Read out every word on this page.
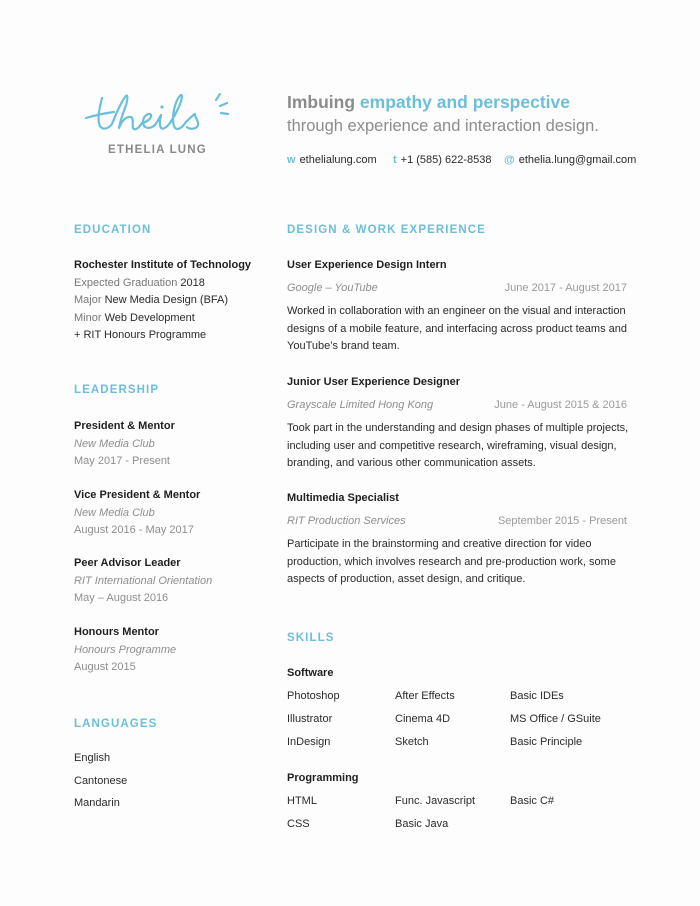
ETHELIA LUNG
Imbuing empathy and perspective
through experience and interaction design.
w ethelialung.com t +1 (585) 622-8538 @ ethelia.lung@gmail.com
EDUCATION
Rochester Institute of Technology
Expected Graduation 2018
Major New Media Design (BFA)
Minor Web Development
+ RIT Honours Programme
LEADERSHIP
President & Mentor
New Media Club
May 2017 - Present
Vice President & Mentor
New Media Club
August 2016 - May 2017
Peer Advisor Leader
RIT International Orientation
May – August 2016
Honours Mentor
Honours Programme
August 2015
LANGUAGES
English
Cantonese
Mandarin
DESIGN & WORK EXPERIENCE
User Experience Design Intern
Google – YouTube	June 2017 - August 2017
Worked in collaboration with an engineer on the visual and interaction designs of a mobile feature, and interfacing across product teams and YouTube’s brand team.
Junior User Experience Designer
Grayscale Limited Hong Kong	June - August 2015 & 2016
Took part in the understanding and design phases of multiple projects, including user and competitive research, wireframing, visual design, branding, and various other communication assets.
Multimedia Specialist
RIT Production Services	September 2015 - Present
Participate in the brainstorming and creative direction for video production, which involves research and pre-production work, some aspects of production, asset design, and critique.
SKILLS
Software
Photoshop	After Effects	Basic IDEs
Illustrator	Cinema 4D	MS Office / GSuite
InDesign	Sketch	Basic Principle
Programming
HTML	Func. Javascript	Basic C#
CSS	Basic Java
